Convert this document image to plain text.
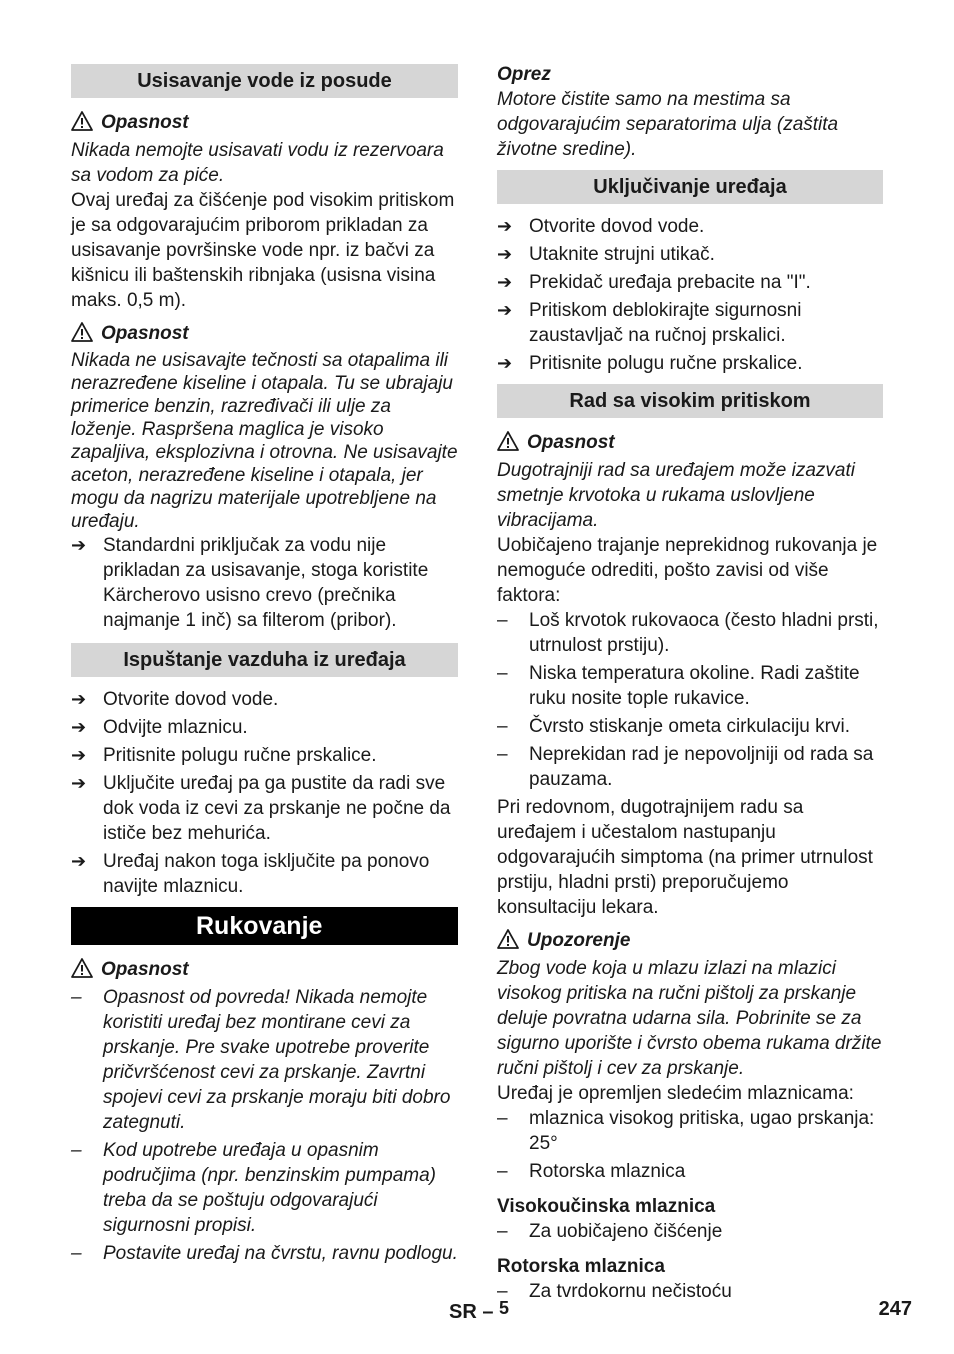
Usisavanje vode iz posude
Opasnost

Nikada nemojte usisavati vodu iz rezervoara sa vodom za piće.

Ovaj uređaj za čišćenje pod visokim pritiskom je sa odgovarajućim priborom prikladan za usisavanje površinske vode npr. iz bačvi za kišnicu ili baštenskih ribnjaka (usisna visina maks. 0,5 m).

Opasnost

Nikada ne usisavajte tečnosti sa otapalima ili nerazređene kiseline i otapala. Tu se ubrajaju primerice benzin, razređivači ili ulje za loženje. Raspršena maglica je visoko zapaljiva, eksplozivna i otrovna. Ne usisavajte aceton, nerazređene kiseline i otapala, jer mogu da nagrizu materijale upotrebljene na uređaju.

➔ Standardni priključak za vodu nije prikladan za usisavanje, stoga koristite Kärcherovo usisno crevo (prečnika najmanje 1 inč) sa filterom (pribor).
Ispuštanje vazduha iz uređaja
➔ Otvorite dovod vode.
➔ Odvijte mlaznicu.
➔ Pritisnite polugu ručne prskalice.
➔ Uključite uređaj pa ga pustite da radi sve dok voda iz cevi za prskanje ne počne da ističe bez mehurića.
➔ Uređaj nakon toga isključite pa ponovo navijte mlaznicu.
Rukovanje
Opasnost
– Opasnost od povreda! Nikada nemojte koristiti uređaj bez montirane cevi za prskanje. Pre svake upotrebe proverite pričvršćenost cevi za prskanje. Zavrtni spojevi cevi za prskanje moraju biti dobro zategnuti.
– Kod upotrebe uređaja u opasnim područjima (npr. benzinskim pumpama) treba da se poštuju odgovarajući sigurnosni propisi.
– Postavite uređaj na čvrstu, ravnu podlogu.

Oprez

Motore čistite samo na mestima sa odgovarajućim separatorima ulja (zaštita životne sredine).

Uključivanje uređaja
➔ Otvorite dovod vode.
➔ Utaknite strujni utikač.
➔ Prekidač uređaja prebacite na "I".
➔ Pritiskom deblokirajte sigurnosni zaustavljač na ručnoj prskalici.
➔ Pritisnite polugu ručne prskalice.
Rad sa visokim pritiskom
Opasnost

Dugotrajniji rad sa uređajem može izazvati smetnje krvotoka u rukama uslovljene vibracijama.

Uobičajeno trajanje neprekidnog rukovanja je nemoguće odrediti, pošto zavisi od više faktora:

– Loš krvotok rukovaoca (često hladni prsti, utrnulost prstiju).
– Niska temperatura okoline. Radi zaštite ruku nosite tople rukavice.
– Čvrsto stiskanje ometa cirkulaciju krvi.
– Neprekidan rad je nepovoljniji od rada sa pauzama.

Pri redovnom, dugotrajnijem radu sa uređajem i učestalom nastupanju odgovarajućih simptoma (na primer utrnulost prstiju, hladni prsti) preporučujemo konsultaciju lekara.

Upozorenje

Zbog vode koja u mlazu izlazi na mlazici visokog pritiska na ručni pištolj za prskanje deluje povratna udarna sila. Pobrinite se za sigurno uporište i čvrsto obema rukama držite ručni pištolj i cev za prskanje.

Uređaj je opremljen sledećim mlaznicama:

– mlaznica visokog pritiska, ugao prskanja: 25°
– Rotorska mlaznica

Visokoučinska mlaznica

– Za uobičajeno čišćenje

Rotorska mlaznica

– Za tvrdokornu nečistoću
SR – 5	247
